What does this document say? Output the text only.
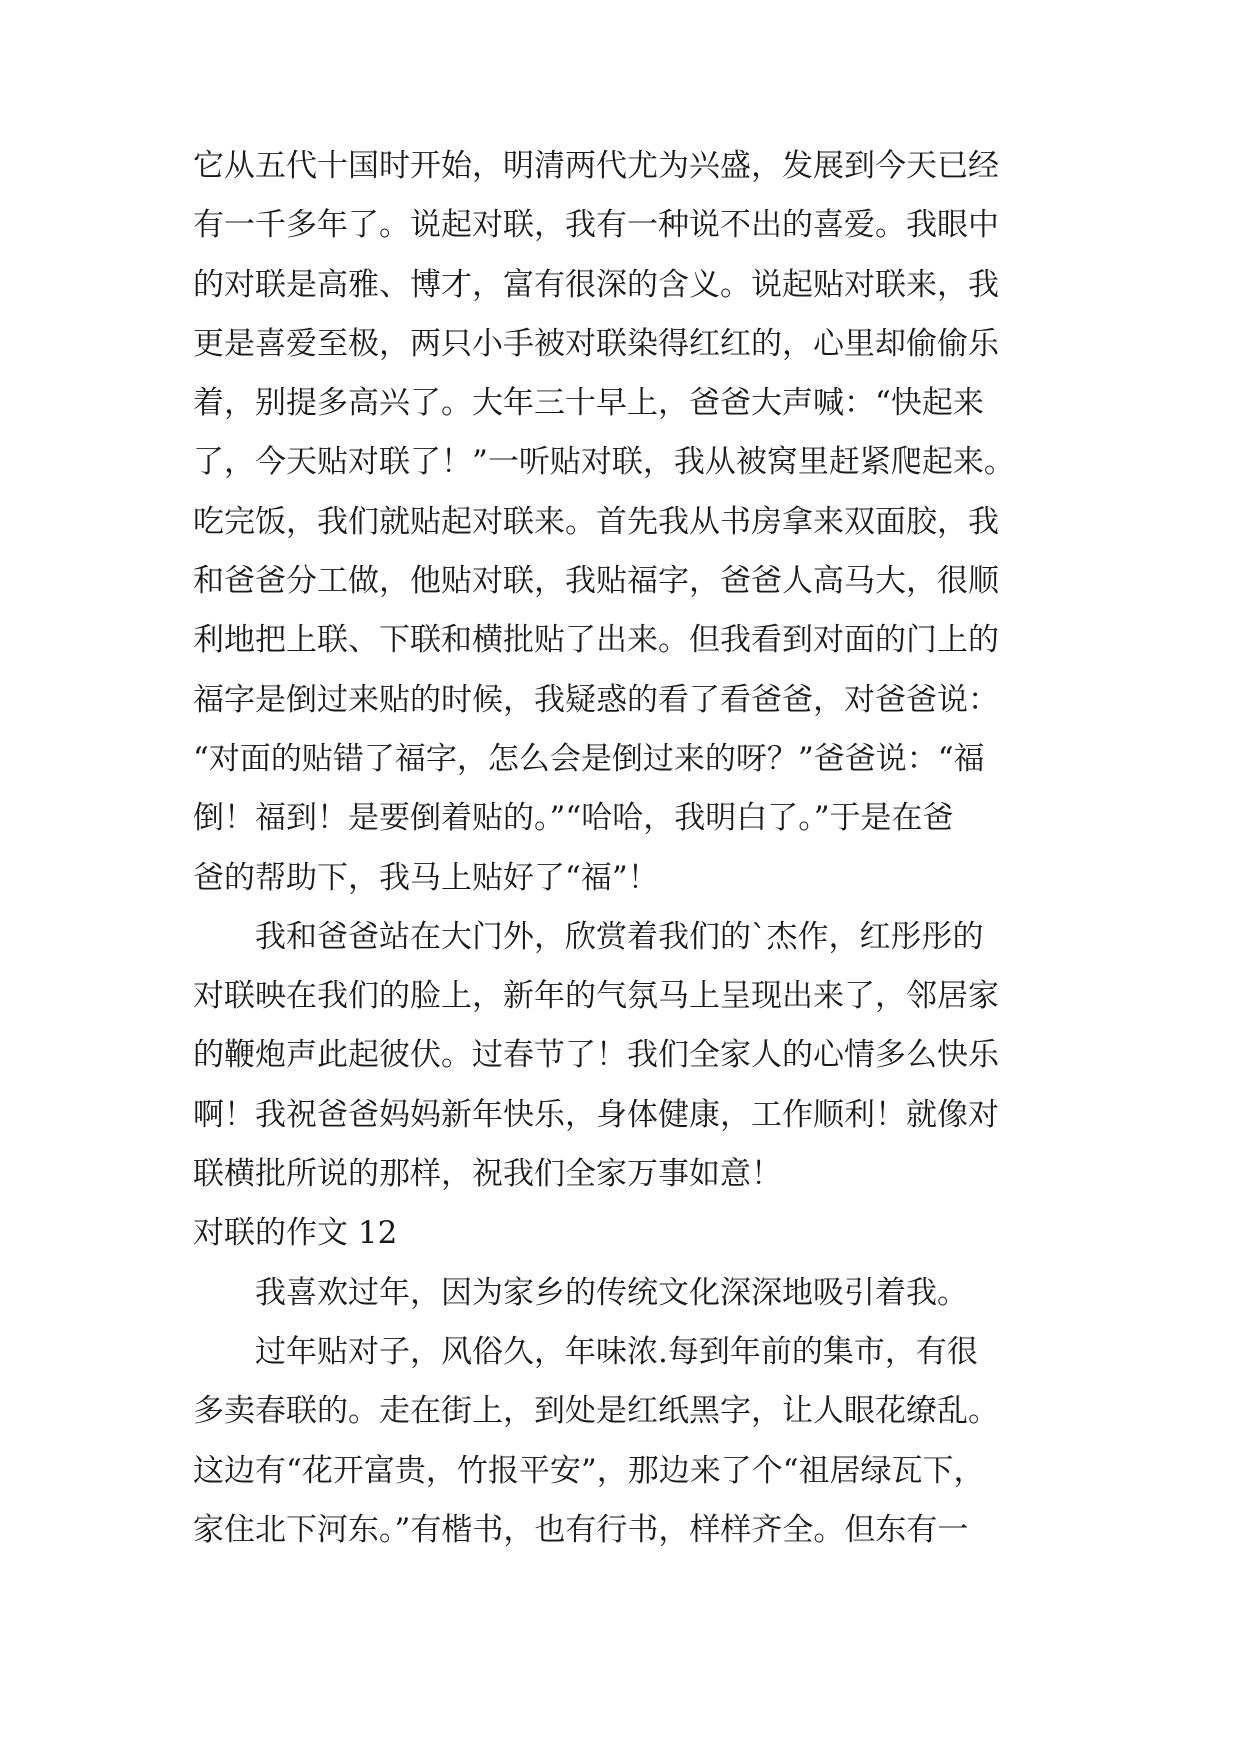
它从五代十国时开始，明清两代尤为兴盛，发展到今天已经
有一千多年了。说起对联，我有一种说不出的喜爱。我眼中
的对联是高雅、博才，富有很深的含义。说起贴对联来，我
更是喜爱至极，两只小手被对联染得红红的，心里却偷偷乐
着，别提多高兴了。大年三十早上，爸爸大声喊：“快起来
了，今天贴对联了！”一听贴对联，我从被窝里赶紧爬起来。
吃完饭，我们就贴起对联来。首先我从书房拿来双面胶，我
和爸爸分工做，他贴对联，我贴福字，爸爸人高马大，很顺
利地把上联、下联和横批贴了出来。但我看到对面的门上的
福字是倒过来贴的时候，我疑惑的看了看爸爸，对爸爸说：
“对面的贴错了福字，怎么会是倒过来的呀？”爸爸说：“福
倒！福到！是要倒着贴的。”“哈哈，我明白了。”于是在爸
爸的帮助下，我马上贴好了“福”！
我和爸爸站在大门外，欣赏着我们的`杰作，红彤彤的
对联映在我们的脸上，新年的气氛马上呈现出来了，邻居家
的鞭炮声此起彼伏。过春节了！我们全家人的心情多么快乐
啊！我祝爸爸妈妈新年快乐，身体健康，工作顺利！就像对
联横批所说的那样，祝我们全家万事如意！
对联的作文 12
我喜欢过年，因为家乡的传统文化深深地吸引着我。
过年贴对子，风俗久，年味浓.每到年前的集市，有很
多卖春联的。走在街上，到处是红纸黑字，让人眼花缭乱。
这边有“花开富贵，竹报平安”，那边来了个“祖居绿瓦下，
家住北下河东。”有楷书，也有行书，样样齐全。但东有一
